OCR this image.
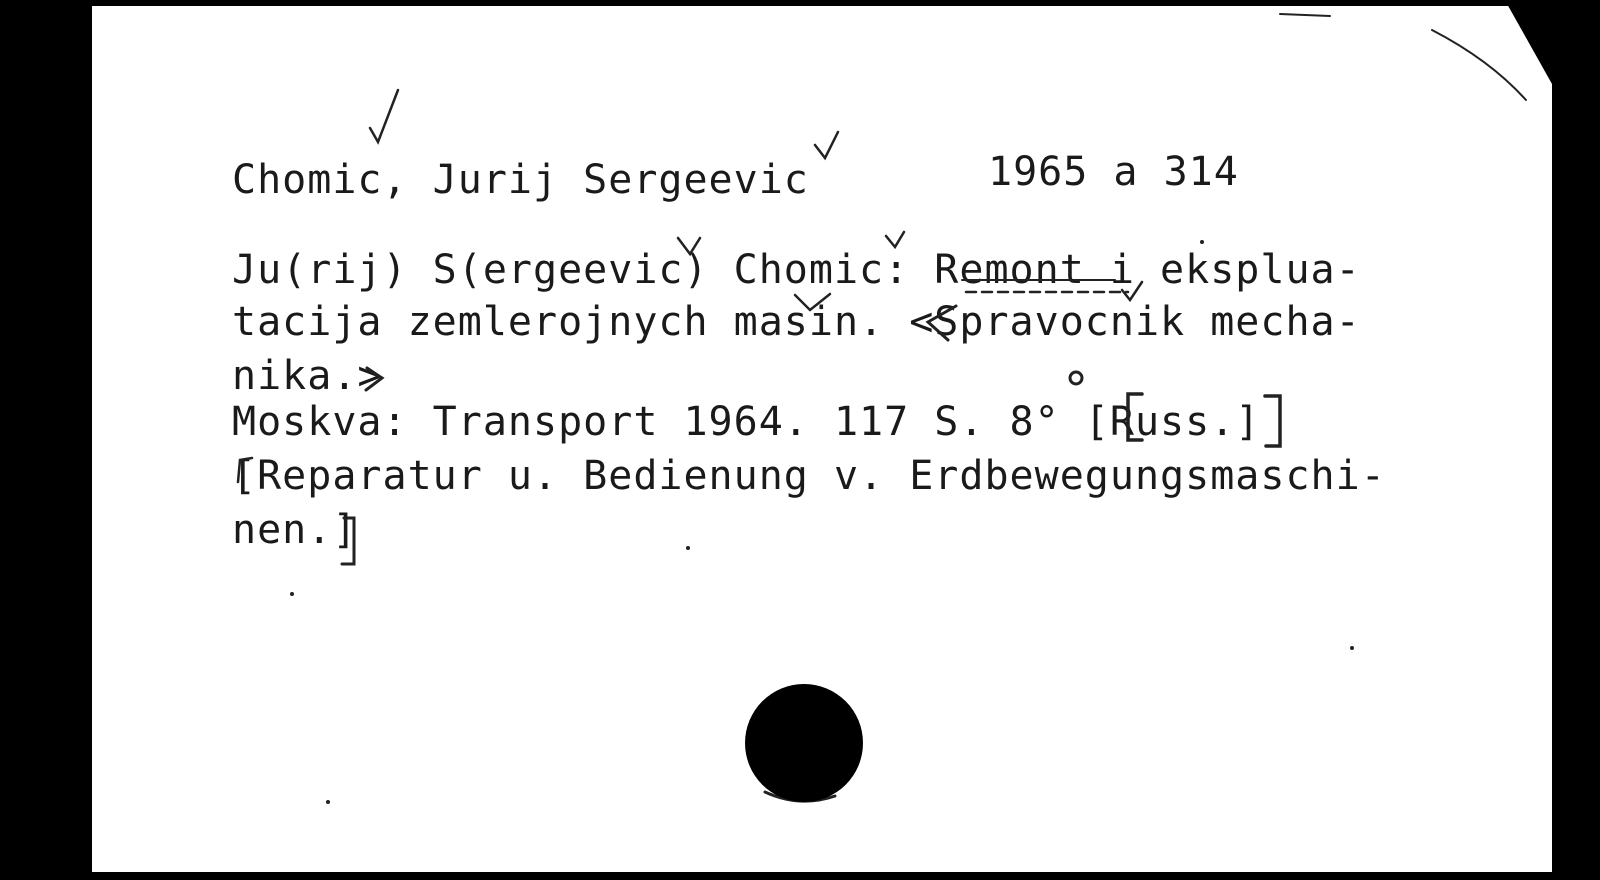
Chomic, Jurij Sergeevic	1965 a 314

Ju(rij) S(ergeevic) Chomic: Remont i eksplua-

tacija zemlerojnych masin. <Spravocnik mecha-

nika.>

Moskva: Transport 1964. 117 S. 8° [Russ.]

[Reparatur u. Bedienung v. Erdbewegungsmaschi-

nen.]
